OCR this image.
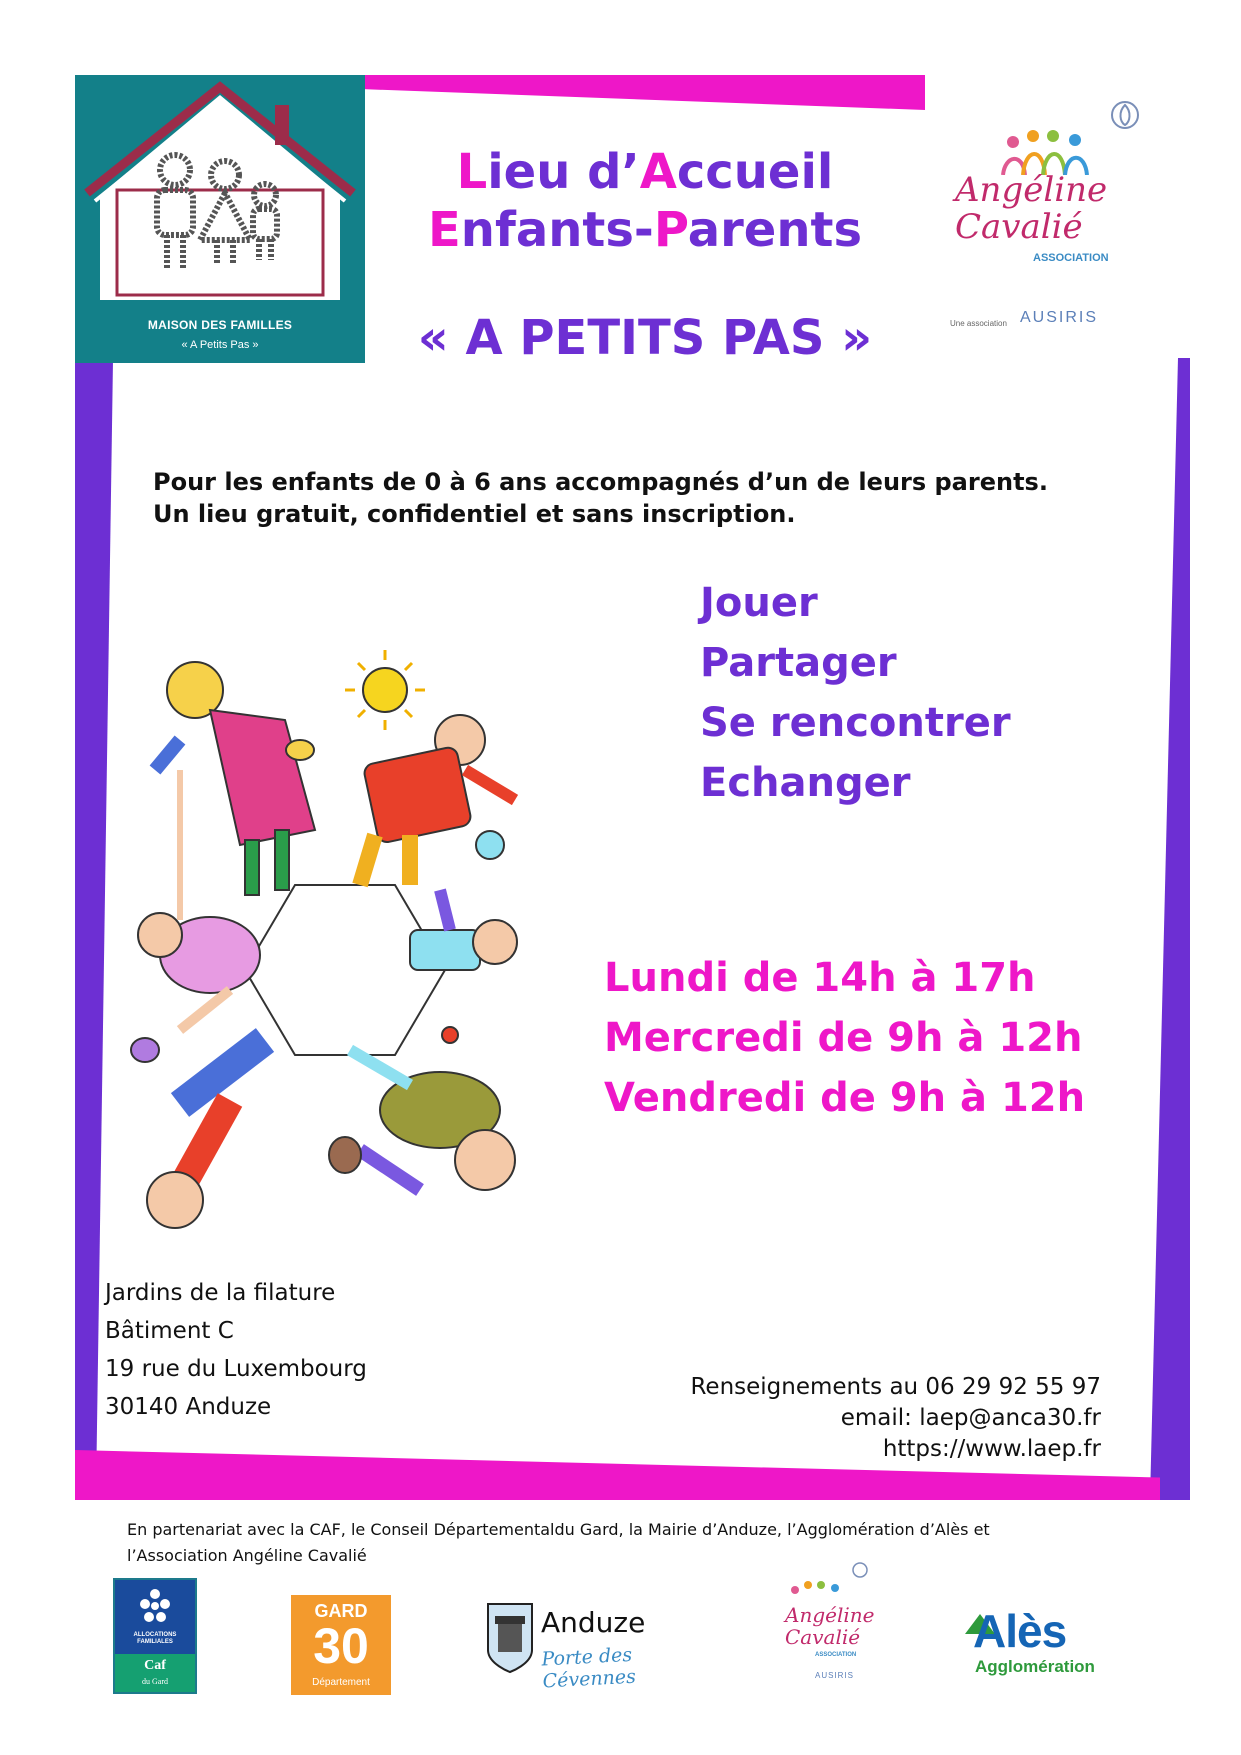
MAISON DES FAMILLES
« A Petits Pas »
Lieu d’Accueil
Enfants-Parents
« A PETITS PAS »
Angéline
Cavalié
ASSOCIATION
Une association AUSIRIS
Pour les enfants de 0 à 6 ans accompagnés d’un de leurs parents.
Un lieu gratuit, confidentiel et sans inscription.
Jouer
Partager
Se rencontrer
Echanger
Lundi de 14h à 17h
Mercredi de 9h à 12h
Vendredi de 9h à 12h
Jardins de la filature
Bâtiment C
19 rue du Luxembourg
30140 Anduze
Renseignements au 06 29 92 55 97
email: laep@anca30.fr
https://www.laep.fr
En partenariat avec la CAF, le Conseil Départementaldu Gard, la Mairie d’Anduze, l’Agglomération d’Alès et
l’Association Angéline Cavalié
ALLOCATIONS FAMILIALES
Caf
du Gard
GARD
30
Département
Anduze
Porte des Cévennes
Angéline
Cavalié
ASSOCIATION
AUSIRIS
Alès
Agglomération
